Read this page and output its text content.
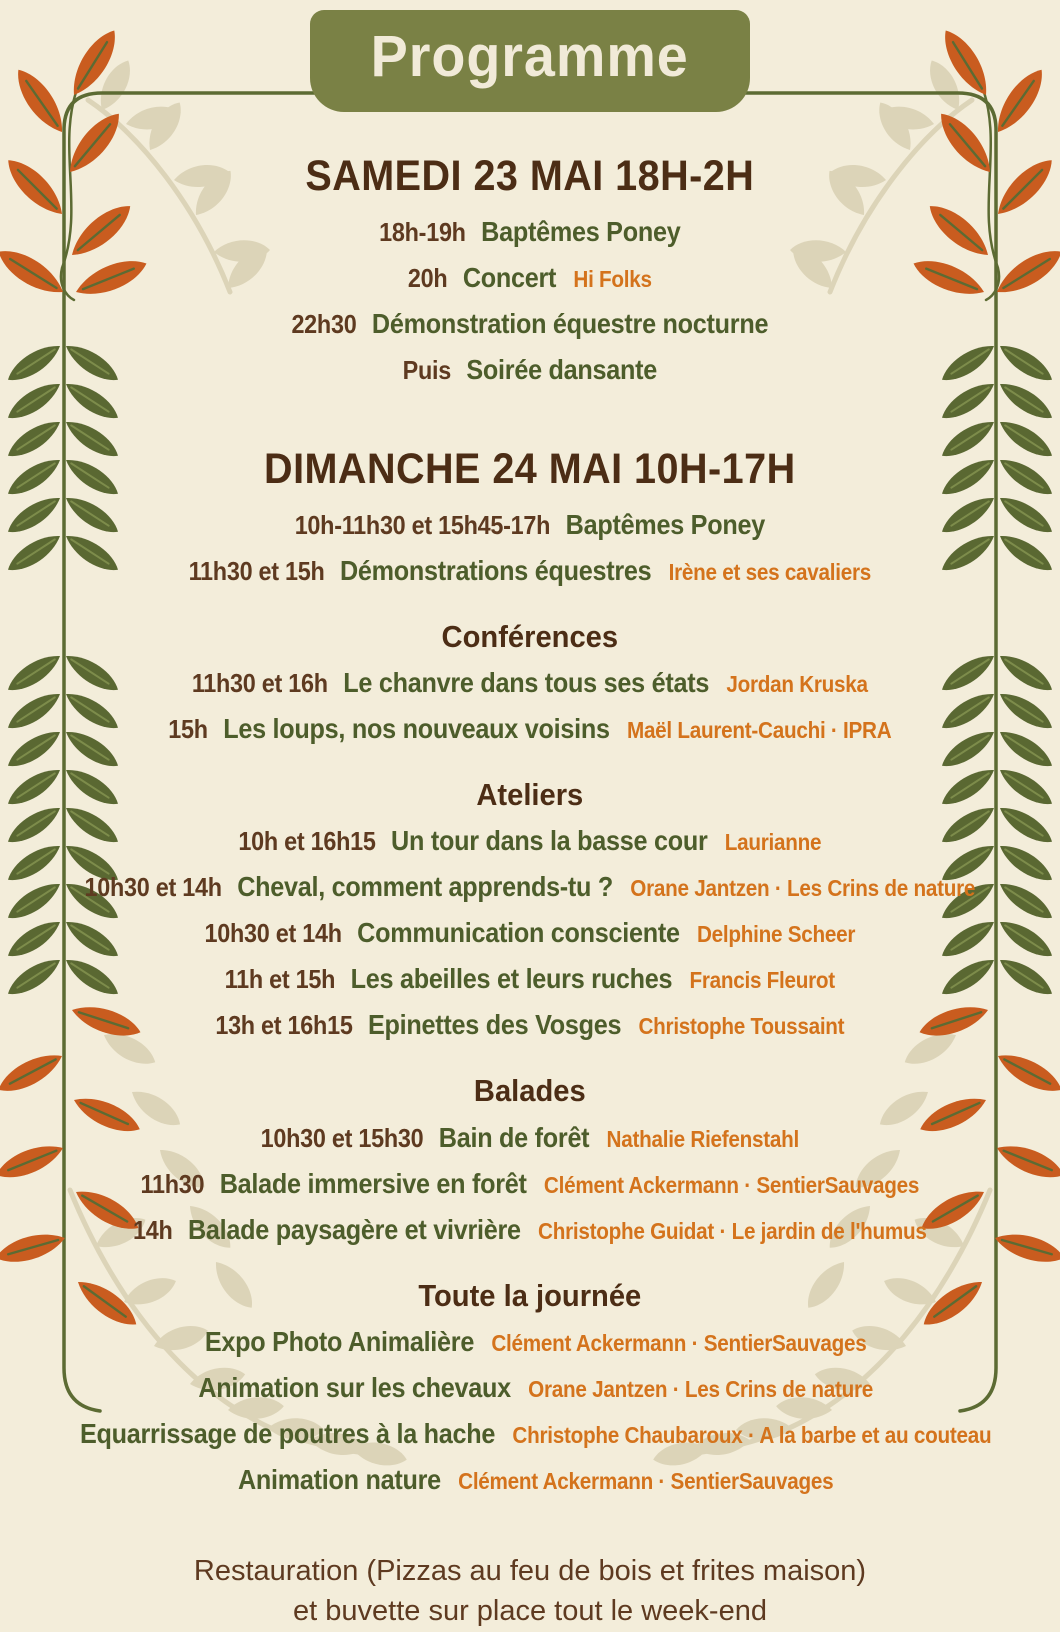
Programme
SAMEDI 23 MAI 18H-2H

18h-19h Baptêmes Poney

20h Concert Hi Folks

22h30 Démonstration équestre nocturne

Puis Soirée dansante

DIMANCHE 24 MAI 10H-17H

10h-11h30 et 15h45-17h Baptêmes Poney

11h30 et 15h Démonstrations équestres Irène et ses cavaliers

Conférences

11h30 et 16h Le chanvre dans tous ses états Jordan Kruska

15h Les loups, nos nouveaux voisins Maël Laurent-Cauchi · IPRA

Ateliers

10h et 16h15 Un tour dans la basse cour Laurianne

10h30 et 14h Cheval, comment apprends-tu ? Orane Jantzen · Les Crins de nature

10h30 et 14h Communication consciente Delphine Scheer

11h et 15h Les abeilles et leurs ruches Francis Fleurot

13h et 16h15 Epinettes des Vosges Christophe Toussaint

Balades

10h30 et 15h30 Bain de forêt Nathalie Riefenstahl

11h30 Balade immersive en forêt Clément Ackermann · SentierSauvages

14h Balade paysagère et vivrière Christophe Guidat · Le jardin de l'humus

Toute la journée

Expo Photo Animalière Clément Ackermann · SentierSauvages

Animation sur les chevaux Orane Jantzen · Les Crins de nature

Equarrissage de poutres à la hache Christophe Chaubaroux · A la barbe et au couteau

Animation nature Clément Ackermann · SentierSauvages

Restauration (Pizzas au feu de bois et frites maison)
et buvette sur place tout le week-end
